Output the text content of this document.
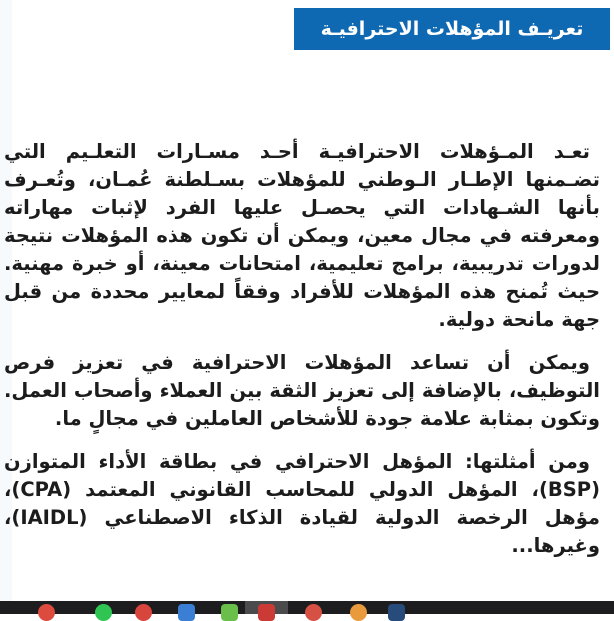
تعريـف المؤهلات الاحترافيـة

تعـد المـؤهلات الاحترافيـة أحـد مسـارات التعلـيم التي تضـمنها الإطـار الـوطني للمؤهلات بسـلطنة عُمـان، وتُعـرف بأنها الشـهادات التي يحصـل عليها الفرد لإثبات مهاراته ومعرفته في مجال معين، ويمكن أن تكون هذه المؤهلات نتيجة لدورات تدريبية، برامج تعليمية، امتحانات معينة، أو خبرة مهنية. حيث تُمنح هذه المؤهلات للأفراد وفقاً لمعايير محددة من قبل جهة مانحة دولية.

ويمكن أن تساعد المؤهلات الاحترافية في تعزيز فرص التوظيف، بالإضافة إلى تعزيز الثقة بين العملاء وأصحاب العمل. وتكون بمثابة علامة جودة للأشخاص العاملين في مجالٍ ما.

ومن أمثلتها: المؤهل الاحترافي في بطاقة الأداء المتوازن (BSP)، المؤهل الدولي للمحاسب القانوني المعتمد (CPA)، مؤهل الرخصة الدولية لقيادة الذكاء الاصطناعي (IAIDL)، وغيرها...
